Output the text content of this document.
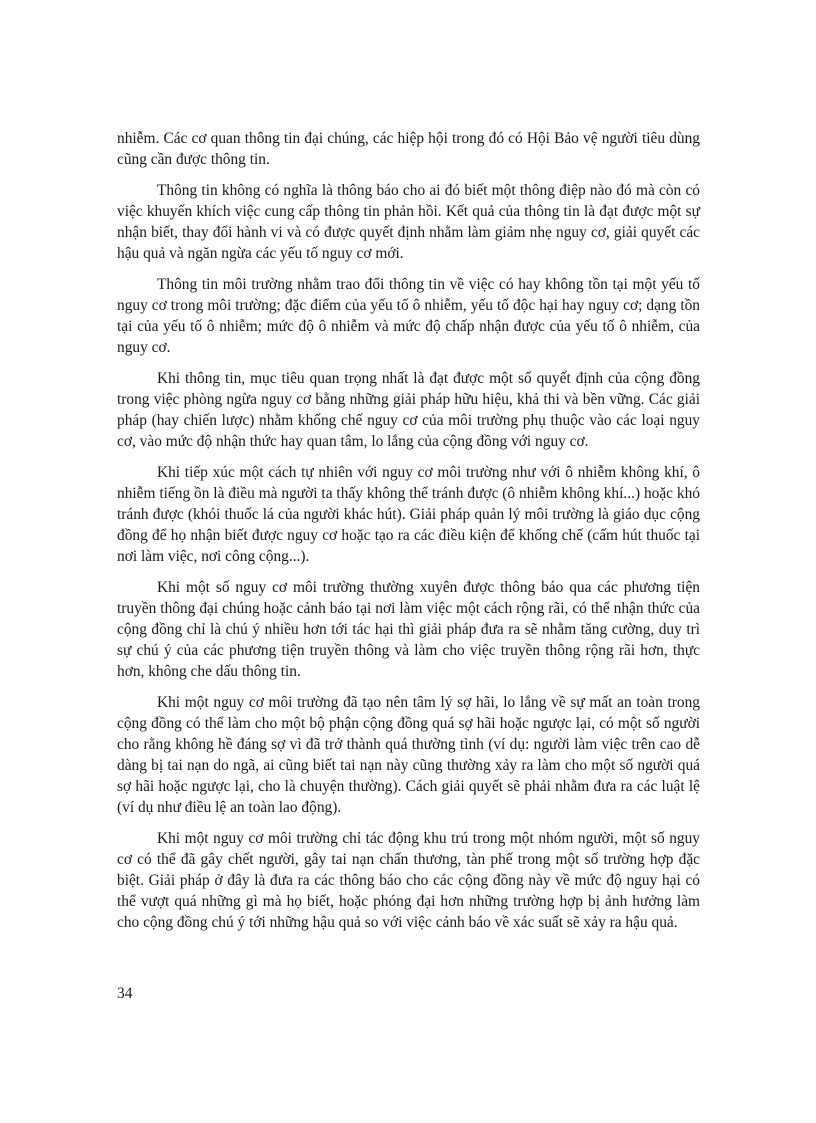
nhiễm. Các cơ quan thông tin đại chúng, các hiệp hội trong đó có Hội Bảo vệ người tiêu dùng cũng cần được thông tin.

Thông tin không có nghĩa là thông báo cho ai đó biết một thông điệp nào đó mà còn có việc khuyến khích việc cung cấp thông tin phản hồi. Kết quả của thông tin là đạt được một sự nhận biết, thay đổi hành vi và có được quyết định nhằm làm giảm nhẹ nguy cơ, giải quyết các hậu quả và ngăn ngừa các yếu tố nguy cơ mới.

Thông tin môi trường nhằm trao đổi thông tin về việc có hay không tồn tại một yếu tố nguy cơ trong môi trường; đặc điểm của yếu tố ô nhiễm, yếu tố độc hại hay nguy cơ; dạng tồn tại của yếu tố ô nhiễm; mức độ ô nhiễm và mức độ chấp nhận được của yếu tố ô nhiễm, của nguy cơ.

Khi thông tin, mục tiêu quan trọng nhất là đạt được một số quyết định của cộng đồng trong việc phòng ngừa nguy cơ bằng những giải pháp hữu hiệu, khả thi và bền vững. Các giải pháp (hay chiến lược) nhằm khống chế nguy cơ của môi trường phụ thuộc vào các loại nguy cơ, vào mức độ nhận thức hay quan tâm, lo lắng của cộng đồng với nguy cơ.

Khi tiếp xúc một cách tự nhiên với nguy cơ môi trường như với ô nhiễm không khí, ô nhiễm tiếng ồn là điều mà người ta thấy không thể tránh được (ô nhiễm không khí...) hoặc khó tránh được (khói thuốc lá của người khác hút). Giải pháp quản lý môi trường là giáo dục cộng đồng để họ nhận biết được nguy cơ hoặc tạo ra các điều kiện để khống chế (cấm hút thuốc tại nơi làm việc, nơi công cộng...).

Khi một số nguy cơ môi trường thường xuyên được thông báo qua các phương tiện truyền thông đại chúng hoặc cảnh báo tại nơi làm việc một cách rộng rãi, có thể nhận thức của cộng đồng chỉ là chú ý nhiều hơn tới tác hại thì giải pháp đưa ra sẽ nhằm tăng cường, duy trì sự chú ý của các phương tiện truyền thông và làm cho việc truyền thông rộng rãi hơn, thực hơn, không che dấu thông tin.

Khi một nguy cơ môi trường đã tạo nên tâm lý sợ hãi, lo lắng về sự mất an toàn trong cộng đồng có thể làm cho một bộ phận cộng đồng quá sợ hãi hoặc ngược lại, có một số người cho rằng không hề đáng sợ vì đã trở thành quá thường tình (ví dụ: người làm việc trên cao dễ dàng bị tai nạn do ngã, ai cũng biết tai nạn này cũng thường xảy ra làm cho một số người quá sợ hãi hoặc ngược lại, cho là chuyện thường). Cách giải quyết sẽ phải nhằm đưa ra các luật lệ (ví dụ như điều lệ an toàn lao động).

Khi một nguy cơ môi trường chỉ tác động khu trú trong một nhóm người, một số nguy cơ có thể đã gây chết người, gây tai nạn chấn thương, tàn phế trong một số trường hợp đặc biệt. Giải pháp ở đây là đưa ra các thông báo cho các cộng đồng này về mức độ nguy hại có thể vượt quá những gì mà họ biết, hoặc phóng đại hơn những trường hợp bị ảnh hưởng làm cho cộng đồng chú ý tới những hậu quả so với việc cảnh báo về xác suất sẽ xảy ra hậu quả.

34
